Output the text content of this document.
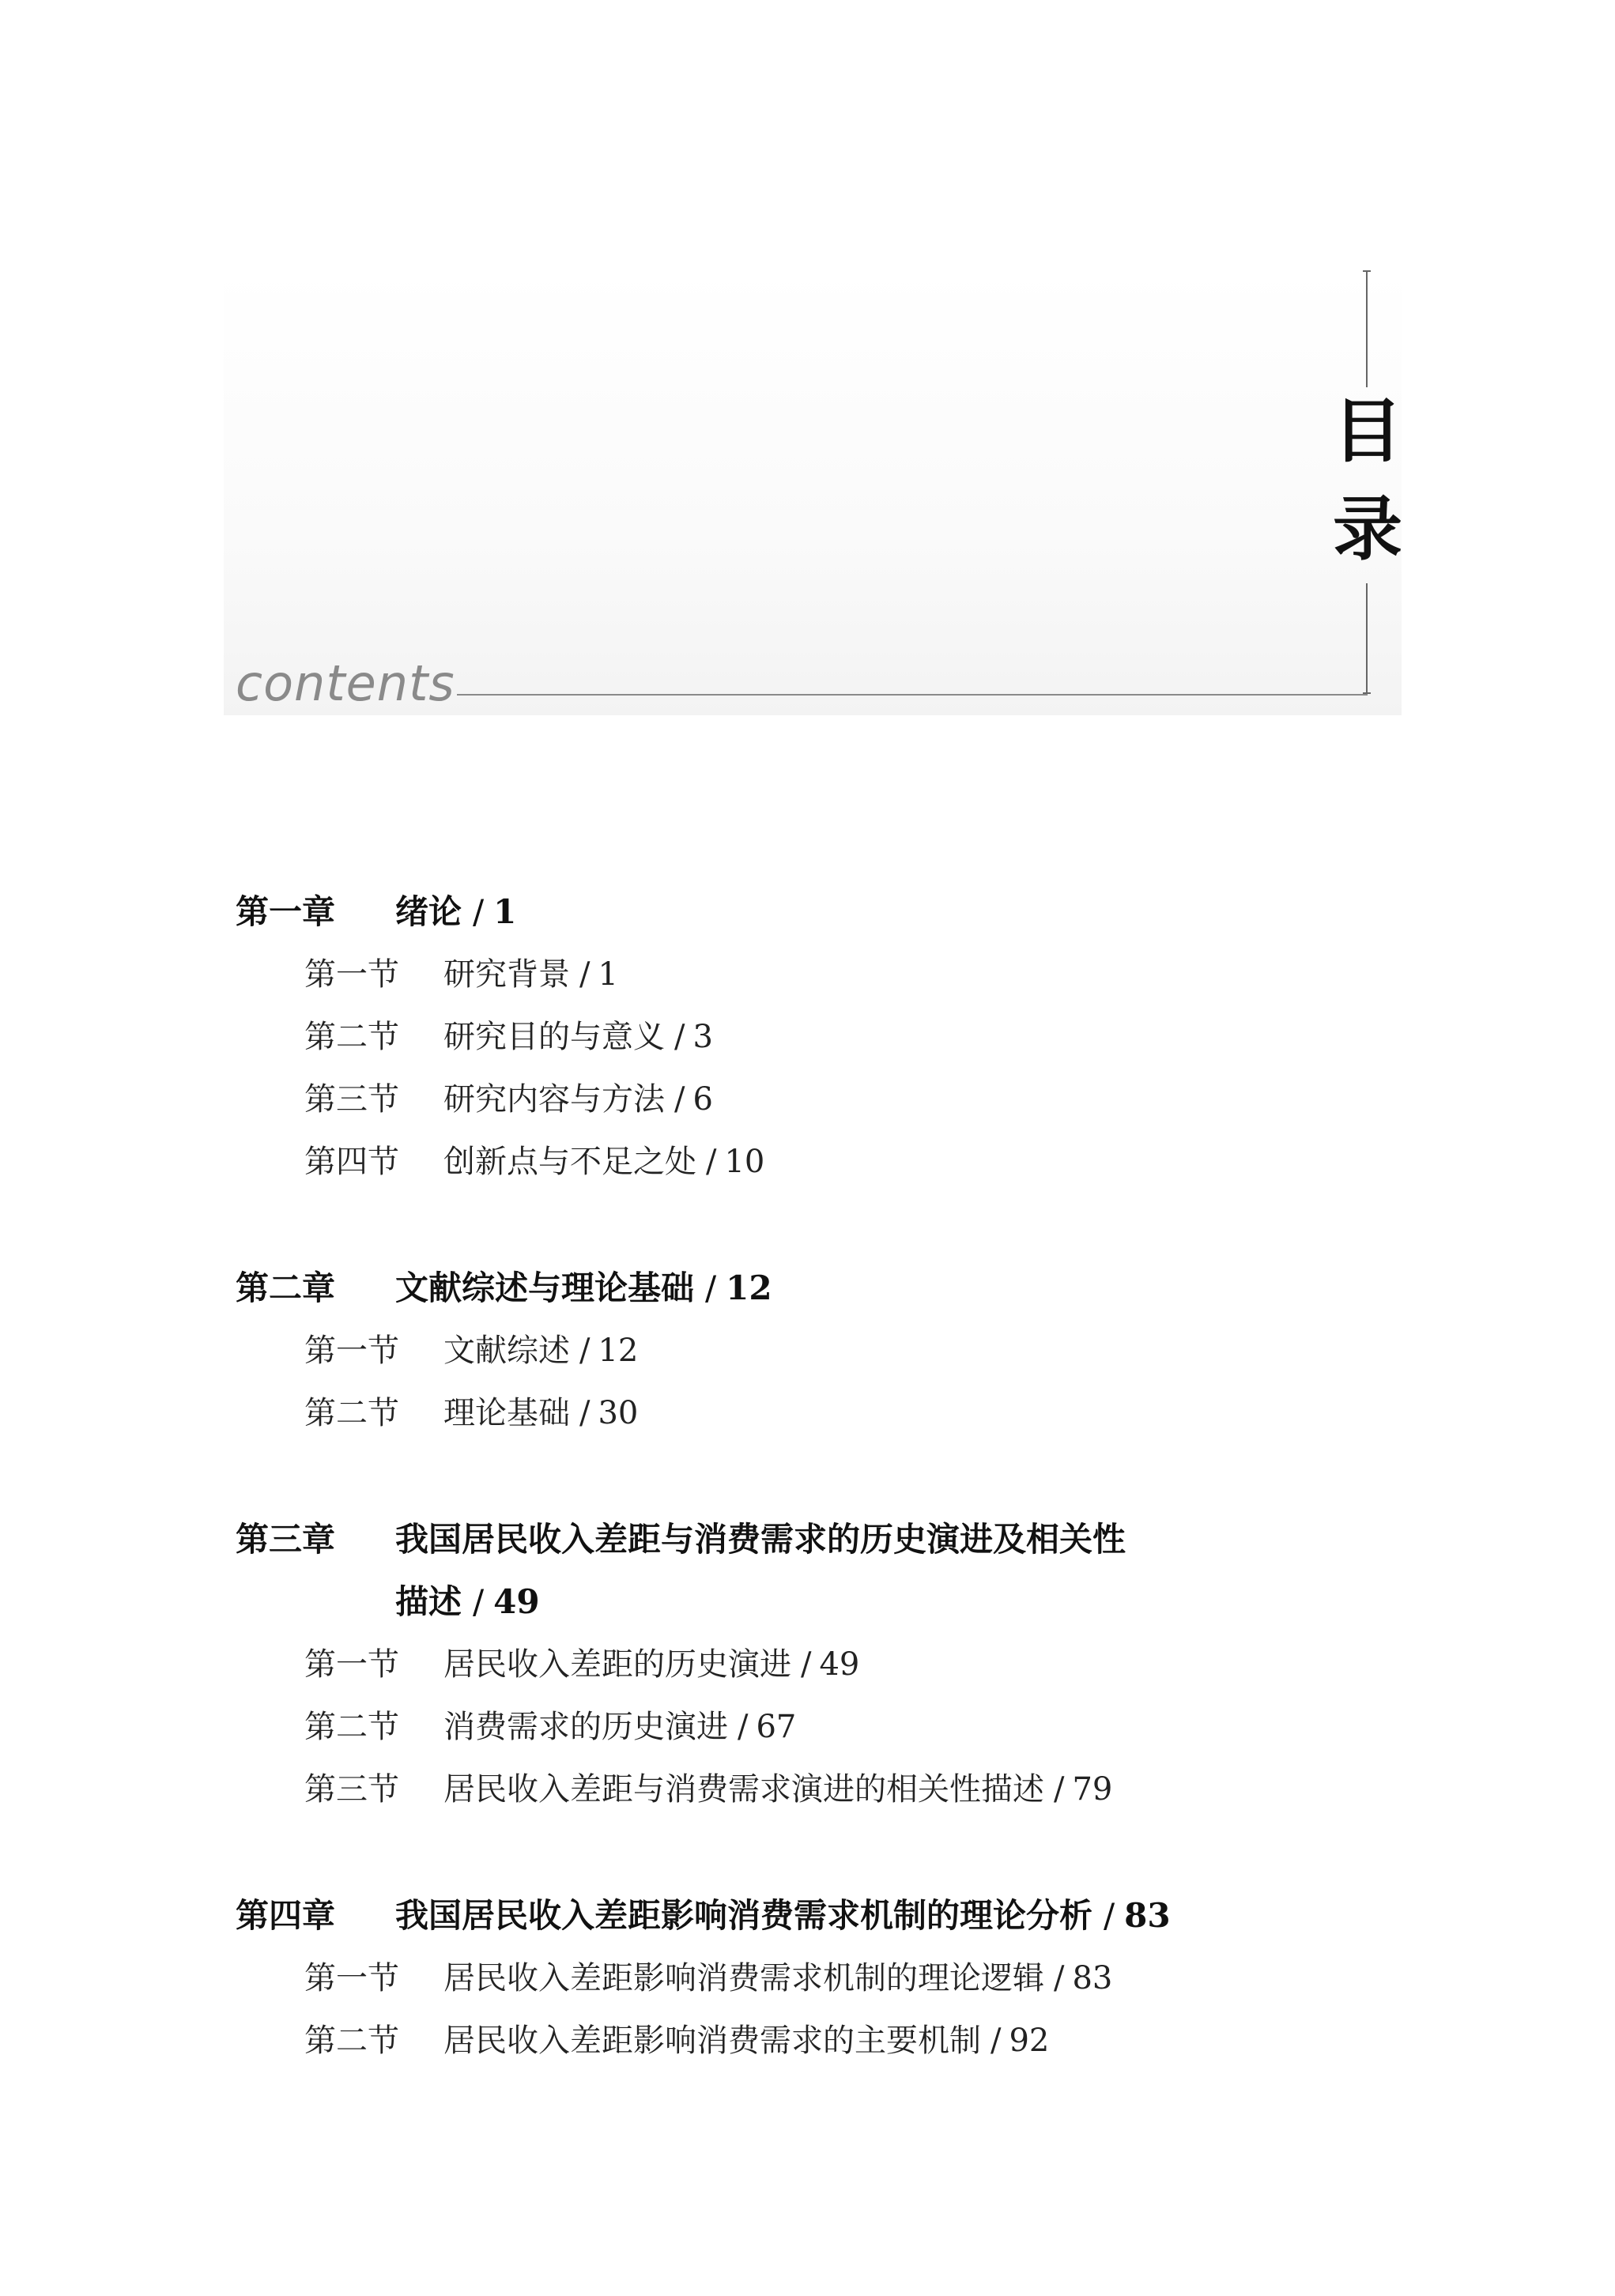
目
录
contents
第一章 绪论 / 1
第一节 研究背景 / 1
第二节 研究目的与意义 / 3
第三节 研究内容与方法 / 6
第四节 创新点与不足之处 / 10
第二章 文献综述与理论基础 / 12
第一节 文献综述 / 12
第二节 理论基础 / 30
第三章 我国居民收入差距与消费需求的历史演进及相关性
描述 / 49
第一节 居民收入差距的历史演进 / 49
第二节 消费需求的历史演进 / 67
第三节 居民收入差距与消费需求演进的相关性描述 / 79
第四章 我国居民收入差距影响消费需求机制的理论分析 / 83
第一节 居民收入差距影响消费需求机制的理论逻辑 / 83
第二节 居民收入差距影响消费需求的主要机制 / 92
